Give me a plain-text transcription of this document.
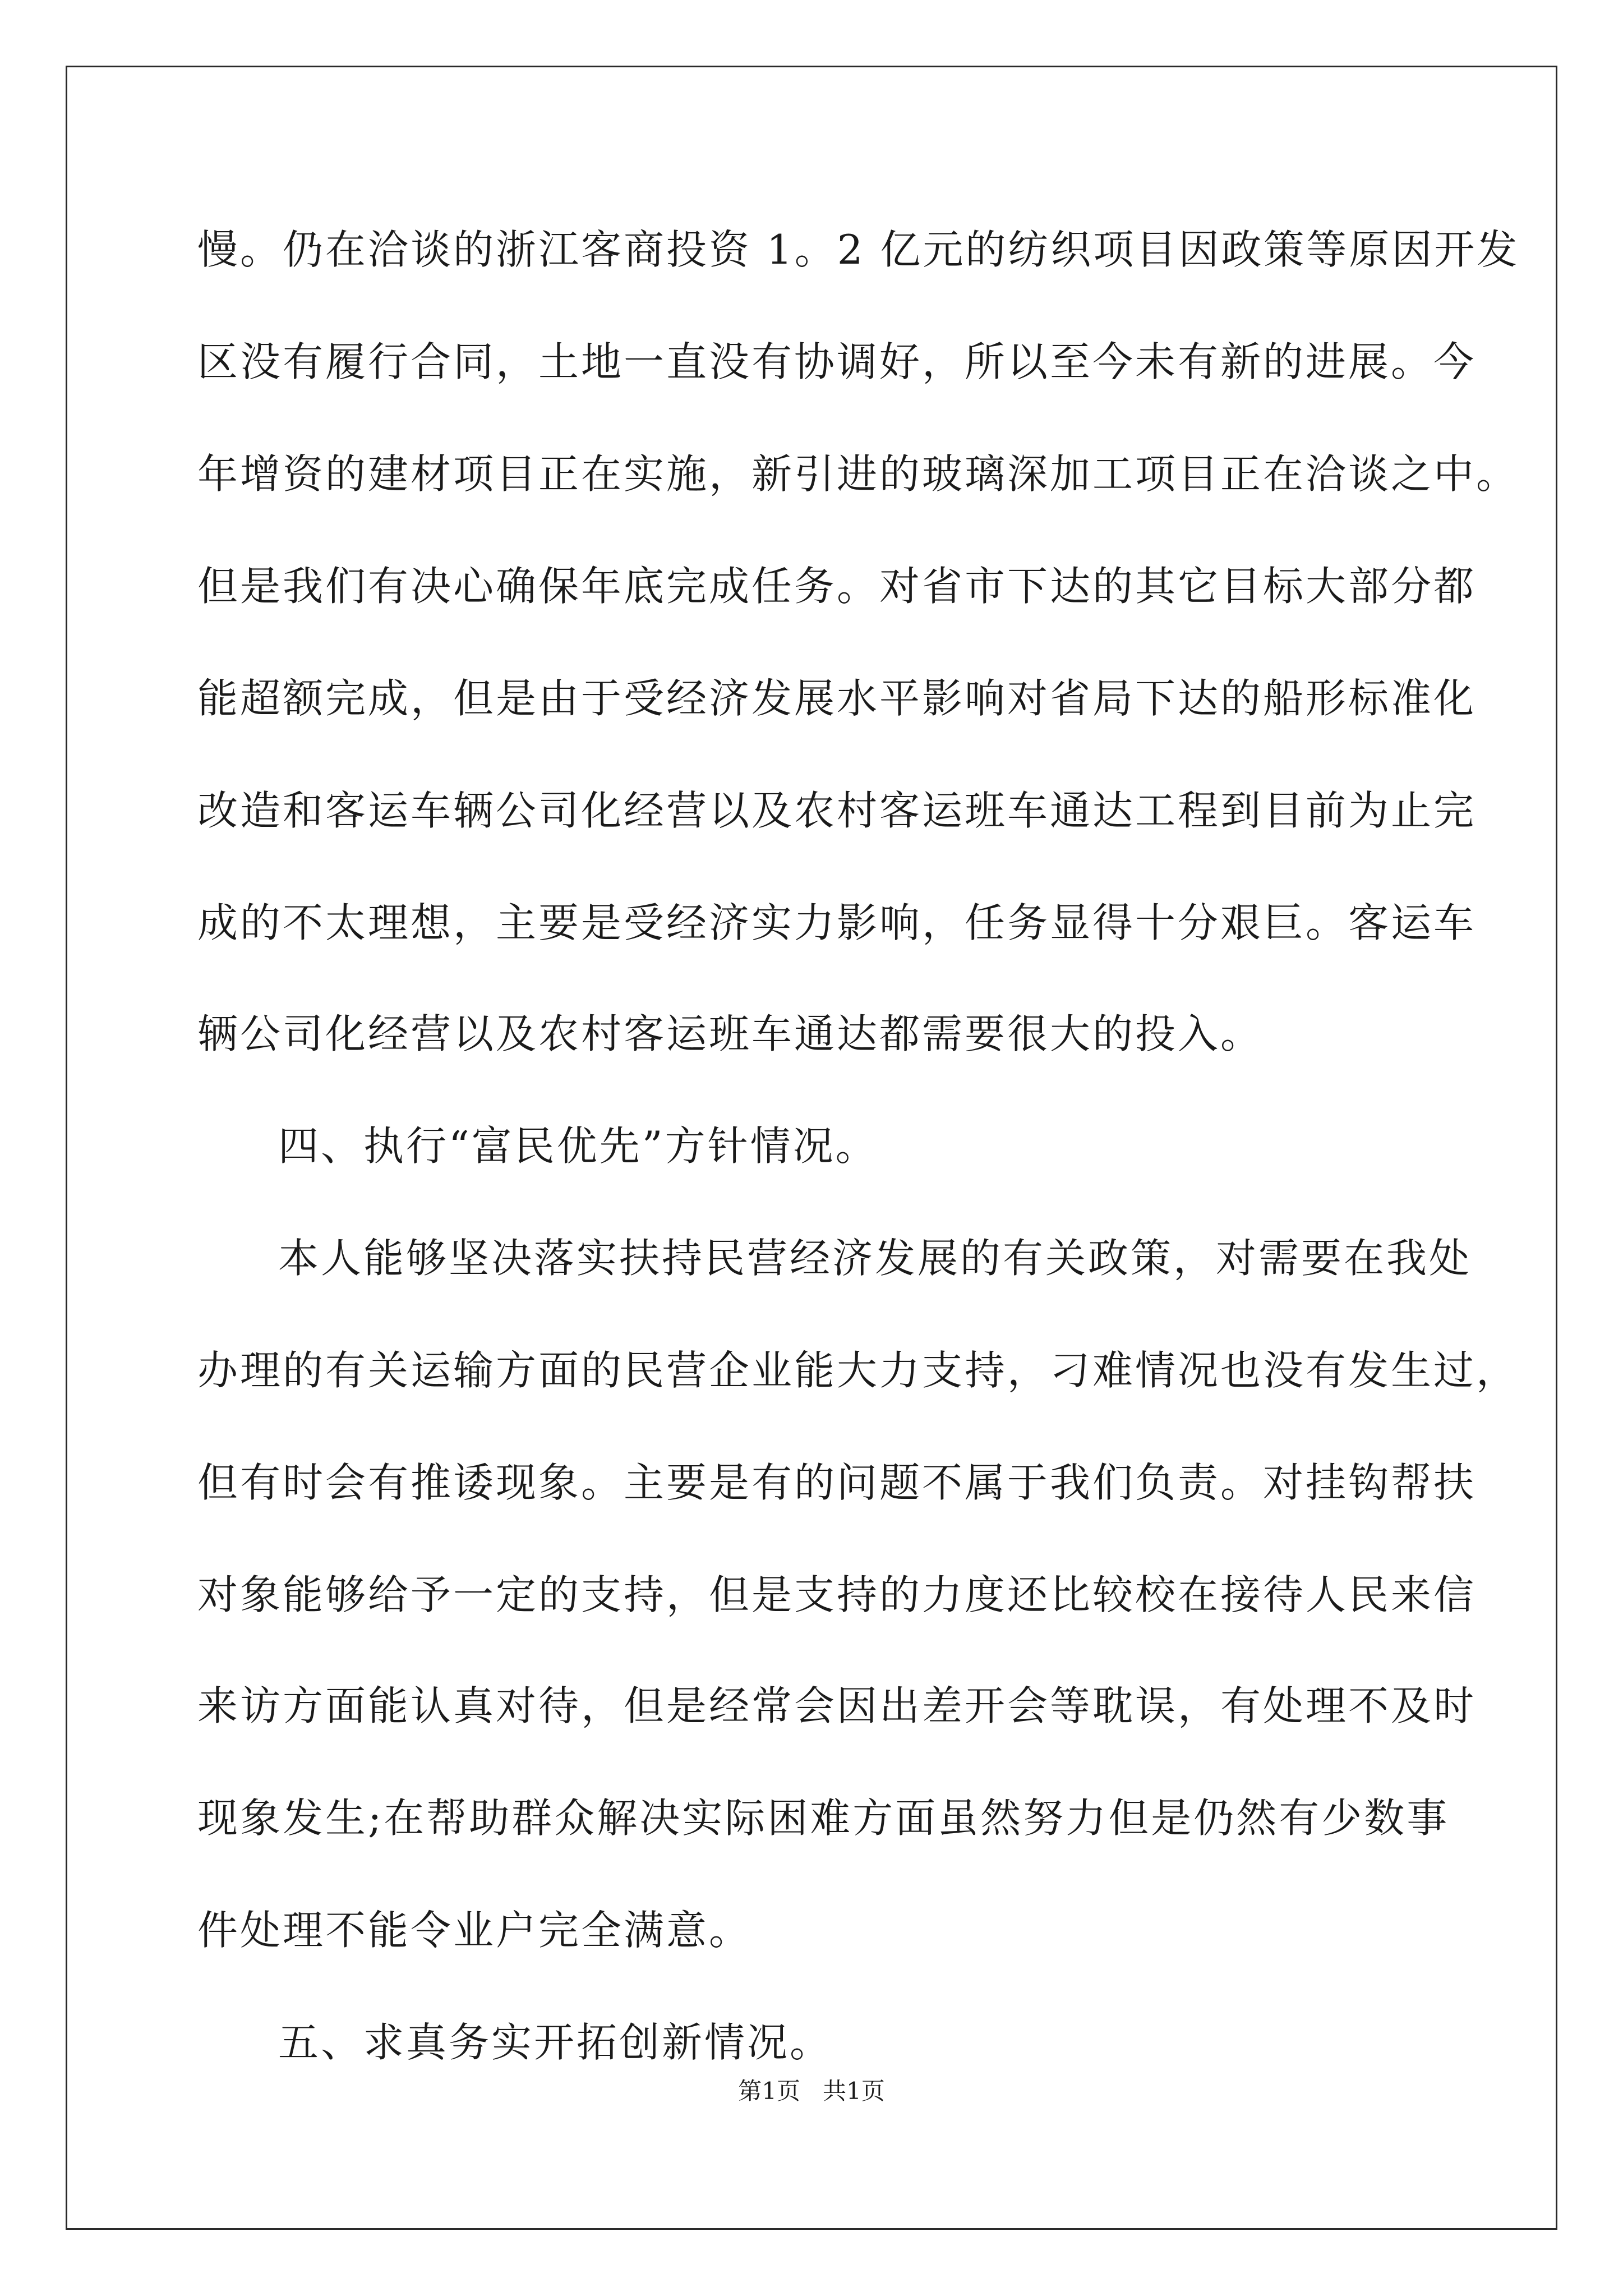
慢。仍在洽谈的浙江客商投资 1。2 亿元的纺织项目因政策等原因开发
区没有履行合同，土地一直没有协调好，所以至今未有新的进展。今
年增资的建材项目正在实施，新引进的玻璃深加工项目正在洽谈之中。
但是我们有决心确保年底完成任务。对省市下达的其它目标大部分都
能超额完成，但是由于受经济发展水平影响对省局下达的船形标准化
改造和客运车辆公司化经营以及农村客运班车通达工程到目前为止完
成的不太理想，主要是受经济实力影响，任务显得十分艰巨。客运车
辆公司化经营以及农村客运班车通达都需要很大的投入。
四、执行“富民优先”方针情况。
本人能够坚决落实扶持民营经济发展的有关政策，对需要在我处
办理的有关运输方面的民营企业能大力支持，刁难情况也没有发生过，
但有时会有推诿现象。主要是有的问题不属于我们负责。对挂钩帮扶
对象能够给予一定的支持，但是支持的力度还比较校在接待人民来信
来访方面能认真对待，但是经常会因出差开会等耽误，有处理不及时
现象发生;在帮助群众解决实际困难方面虽然努力但是仍然有少数事
件处理不能令业户完全满意。
五、求真务实开拓创新情况。
第1页   共1页
